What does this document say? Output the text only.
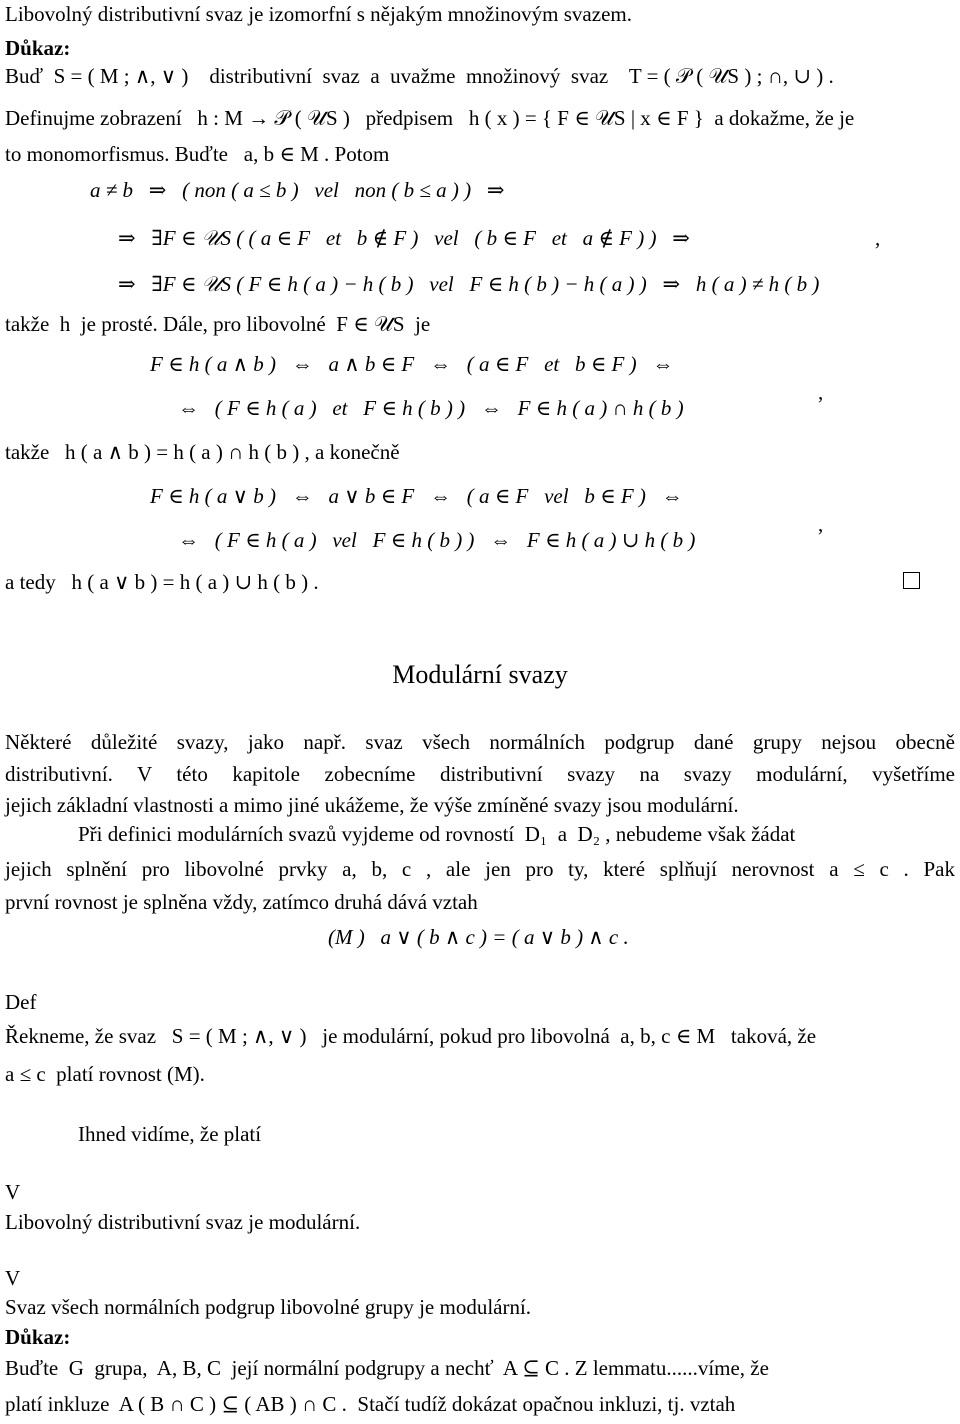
Libovolný distributivní svaz je izomorfní s nějakým množinovým svazem.
Důkaz:
Buď  S = ( M ; ∧, ∨ )    distributivní  svaz  a  uvažme  množinový  svaz    T = ( 𝒫 ( 𝒰S ) ; ∩, ∪ ) .
Definujme zobrazení   h : M → 𝒫 ( 𝒰S )   předpisem   h ( x ) = { F ∈ 𝒰S | x ∈ F }  a dokažme, že je
to monomorfismus. Buďte   a, b ∈ M . Potom
a ≠ b   ⇒   ( non ( a ≤ b )   vel   non ( b ≤ a ) )   ⇒
⇒   ∃F ∈ 𝒰S ( ( a ∈ F   et   b ∉ F )   vel   ( b ∈ F   et   a ∉ F ) )   ⇒	,
⇒   ∃F ∈ 𝒰S ( F ∈ h ( a ) − h ( b )   vel   F ∈ h ( b ) − h ( a ) )   ⇒   h ( a ) ≠ h ( b )
takže  h  je prosté. Dále, pro libovolné  F ∈ 𝒰S  je
F ∈ h ( a ∧ b )   ⇔   a ∧ b ∈ F   ⇔   ( a ∈ F   et   b ∈ F )   ⇔
⇔   ( F ∈ h ( a )   et   F ∈ h ( b ) )   ⇔   F ∈ h ( a ) ∩ h ( b )
,
takže   h ( a ∧ b ) = h ( a ) ∩ h ( b ) , a konečně
F ∈ h ( a ∨ b )   ⇔   a ∨ b ∈ F   ⇔   ( a ∈ F   vel   b ∈ F )   ⇔
⇔   ( F ∈ h ( a )   vel   F ∈ h ( b ) )   ⇔   F ∈ h ( a ) ∪ h ( b )
,
a tedy   h ( a ∨ b ) = h ( a ) ∪ h ( b ) .
Modulární svazy
Některé důležité svazy, jako např. svaz všech normálních podgrup dané grupy nejsou obecně
distributivní. V této kapitole zobecníme distributivní svazy na svazy modulární, vyšetříme
jejich základní vlastnosti a mimo jiné ukážeme, že výše zmíněné svazy jsou modulární.
Při definici modulárních svazů vyjdeme od rovností  D₁  a  D₂ , nebudeme však žádat
jejich splnění pro libovolné prvky a, b, c , ale jen pro ty, které splňují nerovnost a ≤ c . Pak
první rovnost je splněna vždy, zatímco druhá dává vztah
(M )   a ∨ ( b ∧ c ) = ( a ∨ b ) ∧ c .
Def
Řekneme, že svaz   S = ( M ; ∧, ∨ )   je modulární, pokud pro libovolná  a, b, c ∈ M   taková, že
a ≤ c  platí rovnost (M).
Ihned vidíme, že platí
V
Libovolný distributivní svaz je modulární.
V
Svaz všech normálních podgrup libovolné grupy je modulární.
Důkaz:
Buďte  G  grupa,  A, B, C  její normální podgrupy a nechť  A ⊆ C . Z lemmatu......víme, že
platí inkluze  A ( B ∩ C ) ⊆ ( AB ) ∩ C .  Stačí tudíž dokázat opačnou inkluzi, tj. vztah
